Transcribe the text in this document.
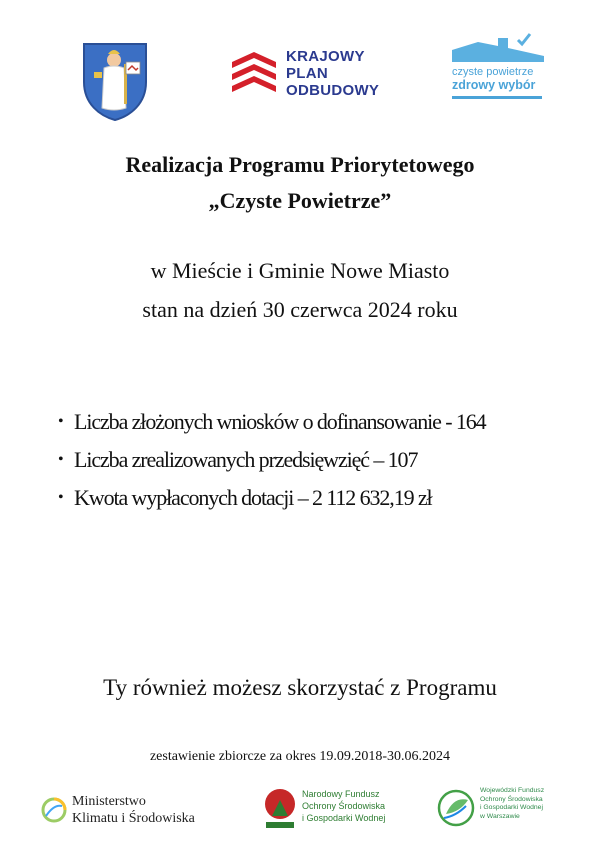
KRAJOWY
PLAN
ODBUDOWY
czyste powietrze
zdrowy wybór
Realizacja Programu Priorytetowego
„Czyste Powietrze”
w Mieście i Gminie Nowe Miasto
stan na dzień 30 czerwca 2024 roku
• Liczba złożonych wniosków o dofinansowanie - 164
• Liczba zrealizowanych przedsięwzięć – 107
• Kwota wypłaconych dotacji – 2 112 632,19 zł
Ty również możesz skorzystać z Programu
zestawienie zbiorcze za okres 19.09.2018-30.06.2024
Ministerstwo
Klimatu i Środowiska
Narodowy Fundusz
Ochrony Środowiska
i Gospodarki Wodnej
Wojewódzki Fundusz
Ochrony Środowiska
i Gospodarki Wodnej
w Warszawie
